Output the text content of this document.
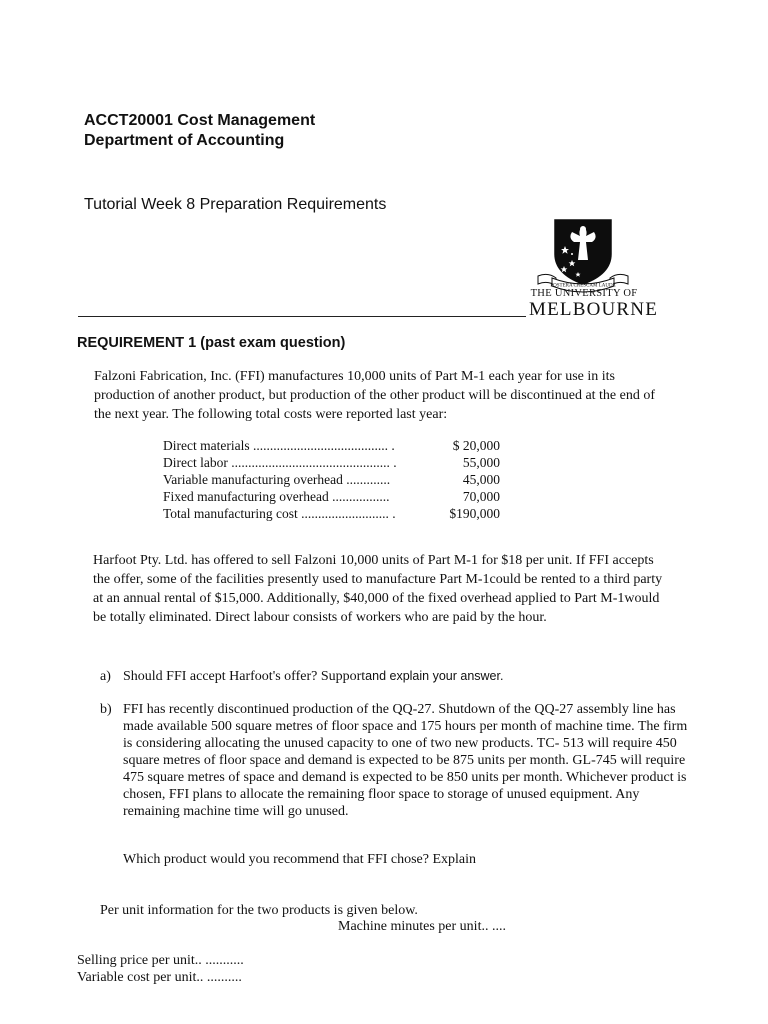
ACCT20001 Cost Management
Department of Accounting
Tutorial Week 8 Preparation Requirements
POSTERA CRESCAM LAUDE
THE UNIVERSITY OF
MELBOURNE
REQUIREMENT 1 (past exam question)
Falzoni Fabrication, Inc. (FFI) manufactures 10,000 units of Part M-1 each year for use in its production of another product, but production of the other product will be discontinued at the end of the next year. The following total costs were reported last year:
Direct materials ........................................ .	$ 20,000
Direct labor ............................................... .	55,000
Variable manufacturing overhead .............	45,000
Fixed manufacturing overhead .................	70,000
Total manufacturing cost .......................... .	$190,000
Harfoot Pty. Ltd. has offered to sell Falzoni 10,000 units of Part M-1 for $18 per unit. If FFI accepts the offer, some of the facilities presently used to manufacture Part M-1could be rented to a third party at an annual rental of $15,000. Additionally, $40,000 of the fixed overhead applied to Part M-1would be totally eliminated. Direct labour consists of workers who are paid by the hour.
a) Should FFI accept Harfoot's offer? Support and explain your answer.
b) FFI has recently discontinued production of the QQ-27. Shutdown of the QQ-27 assembly line has made available 500 square metres of floor space and 175 hours per month of machine time. The firm is considering allocating the unused capacity to one of two new products. TC- 513 will require 450 square metres of floor space and demand is expected to be 875 units per month. GL-745 will require 475 square metres of space and demand is expected to be 850 units per month. Whichever product is chosen, FFI plans to allocate the remaining floor space to storage of unused equipment. Any remaining machine time will go unused.
Which product would you recommend that FFI chose? Explain
Per unit information for the two products is given below.
Machine minutes per unit.. ....
Selling price per unit.. ...........
Variable cost per unit.. ..........
